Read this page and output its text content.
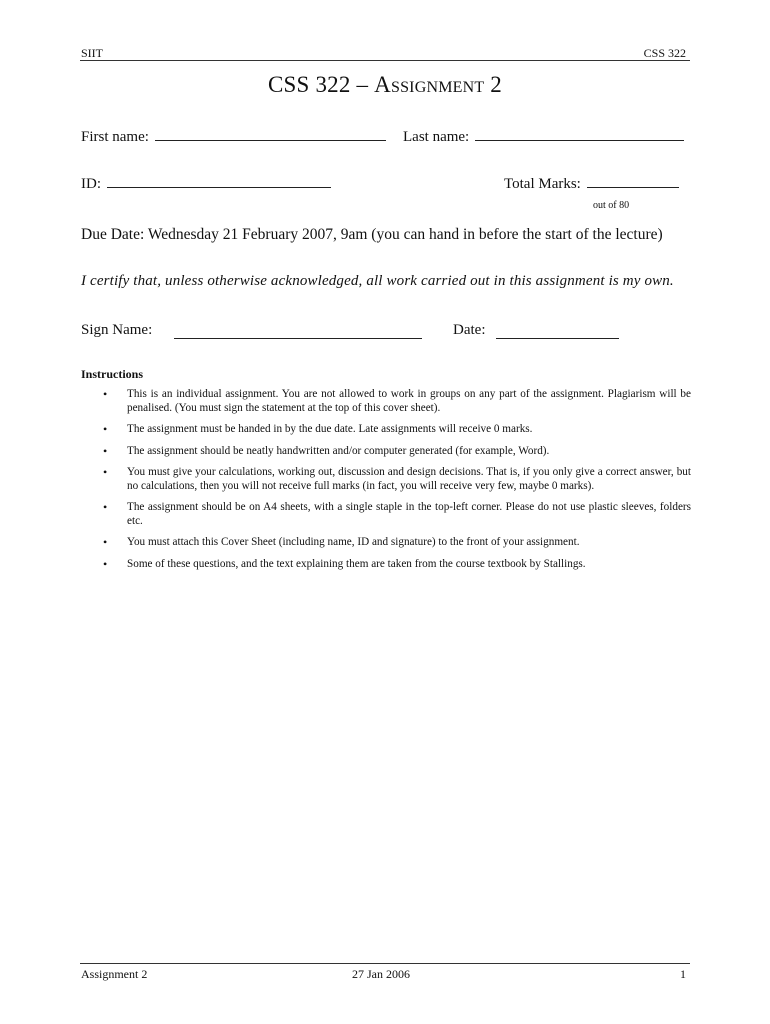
SIIT	CSS 322
CSS 322 – Assignment 2
First name:	Last name:
ID:	Total Marks:
out of 80
Due Date: Wednesday 21 February 2007, 9am (you can hand in before the start of the lecture)
I certify that, unless otherwise acknowledged, all work carried out in this assignment is my own.
Sign Name:	Date:
Instructions
• This is an individual assignment. You are not allowed to work in groups on any part of the assignment. Plagiarism will be penalised. (You must sign the statement at the top of this cover sheet).
• The assignment must be handed in by the due date. Late assignments will receive 0 marks.
• The assignment should be neatly handwritten and/or computer generated (for example, Word).
• You must give your calculations, working out, discussion and design decisions. That is, if you only give a correct answer, but no calculations, then you will not receive full marks (in fact, you will receive very few, maybe 0 marks).
• The assignment should be on A4 sheets, with a single staple in the top-left corner. Please do not use plastic sleeves, folders etc.
• You must attach this Cover Sheet (including name, ID and signature) to the front of your assignment.
• Some of these questions, and the text explaining them are taken from the course textbook by Stallings.
Assignment 2	27 Jan 2006	1
